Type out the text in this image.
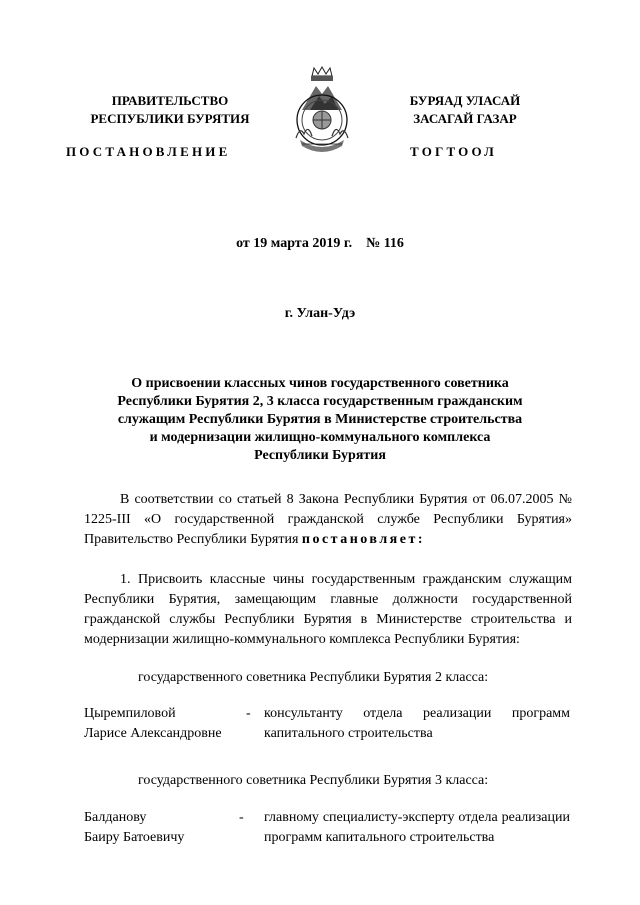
ПРАВИТЕЛЬСТВО
РЕСПУБЛИКИ БУРЯТИЯ
БУРЯАД УЛАСАЙ
ЗАСАГАЙ ГАЗАР
ПОСТАНОВЛЕНИЕ	ТОГТООЛ
от 19 марта 2019 г.    № 116
г. Улан-Удэ
О присвоении классных чинов государственного советника
Республики Бурятия 2, 3 класса государственным гражданским
служащим Республики Бурятия в Министерстве строительства
и модернизации жилищно-коммунального комплекса
Республики Бурятия
В соответствии со статьей 8 Закона Республики Бурятия от 06.07.2005 № 1225-III «О государственной гражданской службе Республики Бурятия» Правительство Республики Бурятия постановляет:
1. Присвоить классные чины государственным гражданским служащим Республики Бурятия, замещающим главные должности государственной гражданской службы Республики Бурятия в Министерстве строительства и модернизации жилищно-коммунального комплекса Республики Бурятия:
государственного советника Республики Бурятия 2 класса:
Цыремпиловой
Ларисе Александровне
- консультанту отдела реализации программ капитального строительства
государственного советника Республики Бурятия 3 класса:
Балданову
Баиру Батоевичу
- главному специалисту-эксперту отдела реализации программ капитального строительства
